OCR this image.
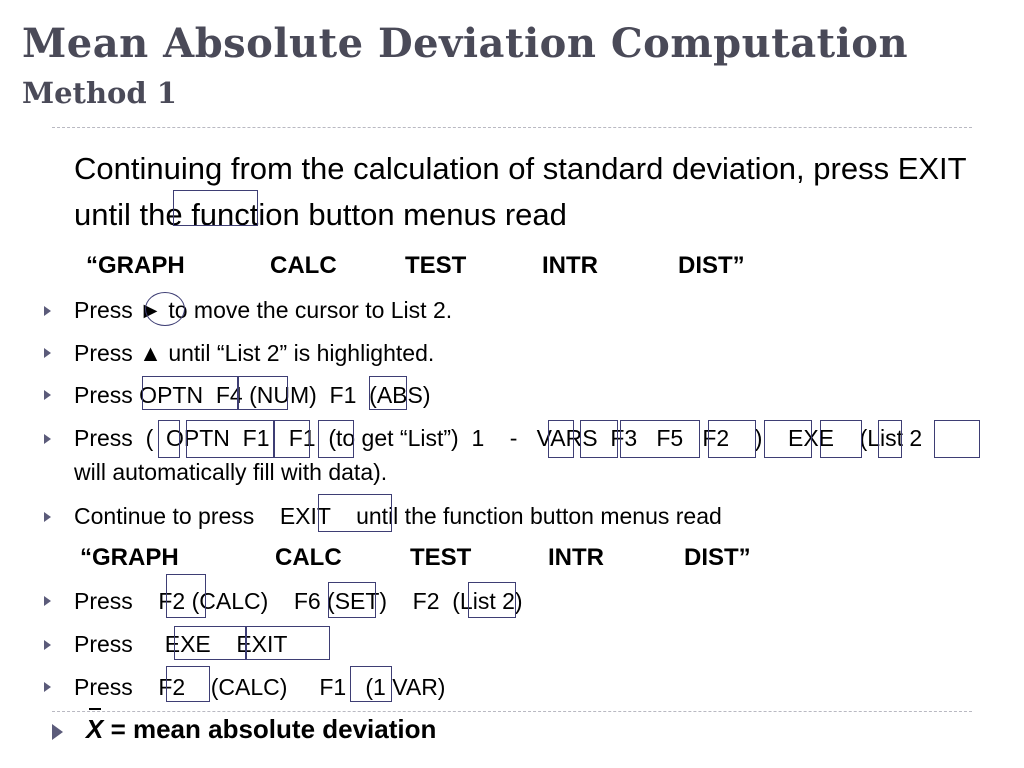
Mean Absolute Deviation Computation
Method 1
Continuing from the calculation of standard deviation, press EXIT until the function button menus read

“GRAPH

	CALC

	TEST

	INTR

	DIST”

Press ► to move the cursor to List 2.
Press ▲ until “List 2” is highlighted.
Press OPTN  F4 (NUM)  F1  (ABS)
Press  (  OPTN  F1   F1  (to get “List”)  1    -   VARS  F3   F5   F2    )    EXE    (List 2
will automatically fill with data).
Continue to press    EXIT    until the function button menus read

“GRAPH

	CALC

	TEST

	INTR

	DIST”

Press    F2 (CALC)    F6 (SET)    F2  (List 2)
Press     EXE    EXIT
Press    F2    (CALC)     F1   (1 VAR)
X = mean absolute deviation
